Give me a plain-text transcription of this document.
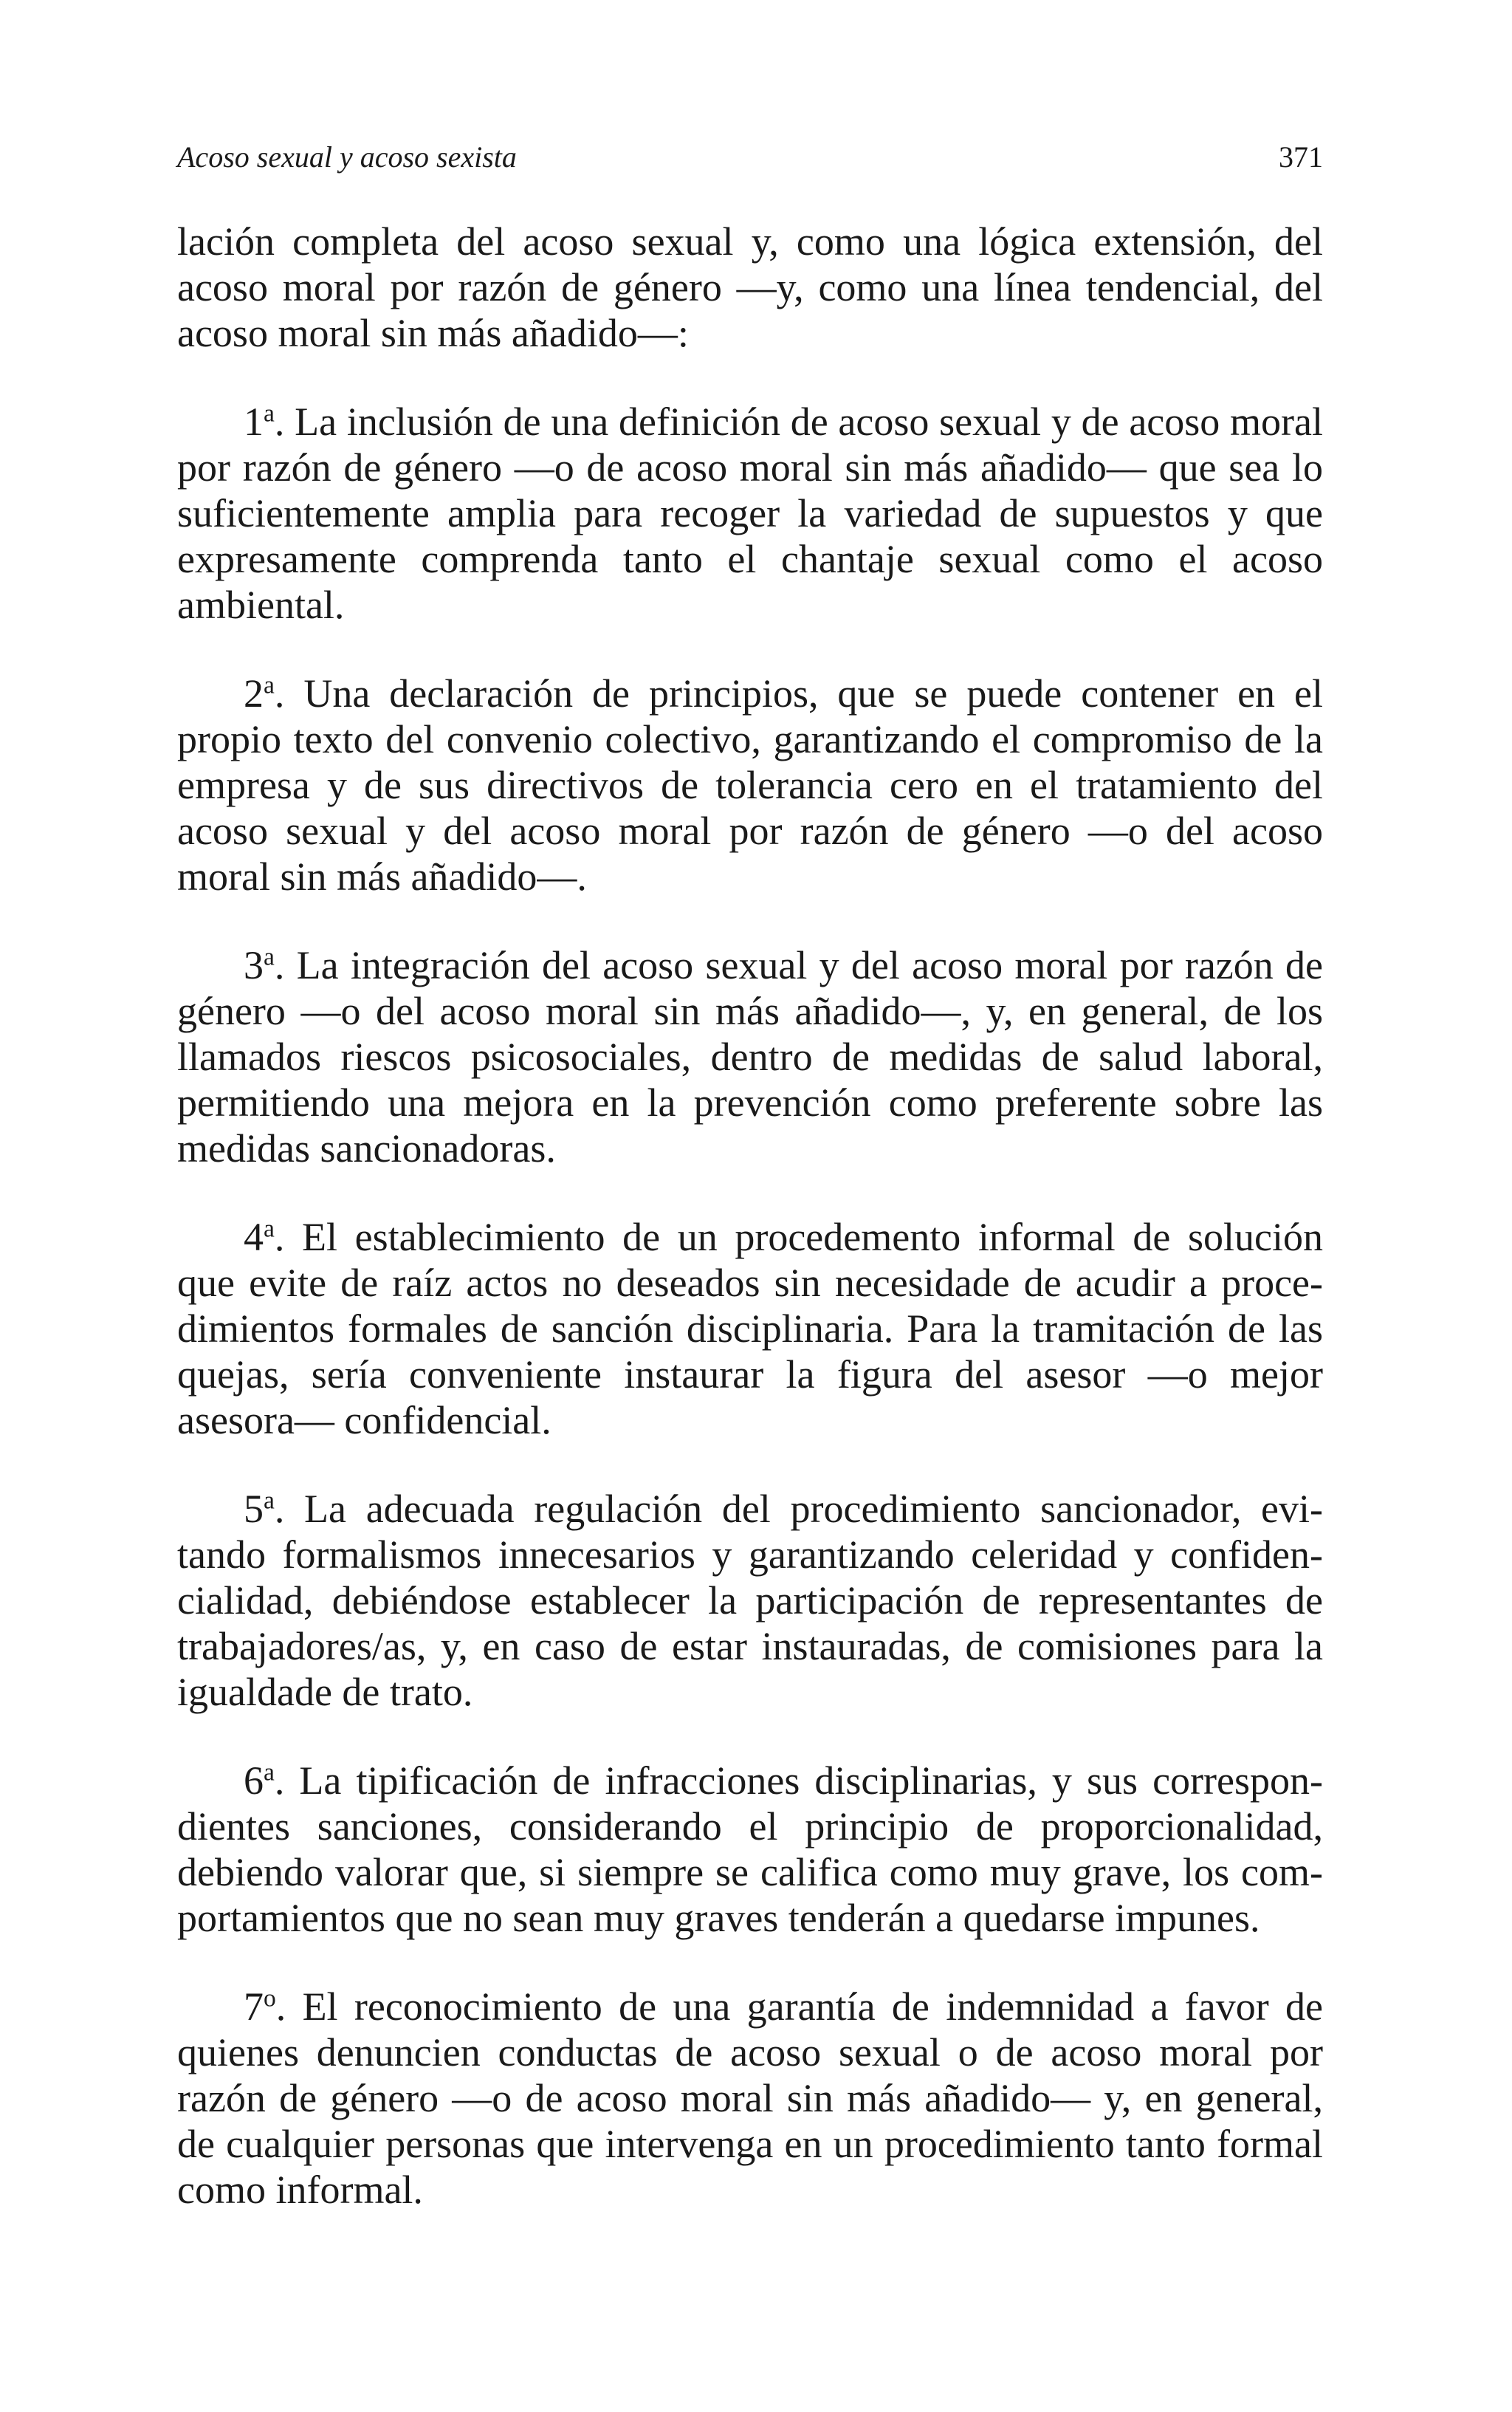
Acoso sexual y acoso sexista	371

lación completa del acoso sexual y, como una lógica extensión, del acoso moral por razón de género —y, como una línea tendencial, del acoso moral sin más añadido—:

1$^a$. La inclusión de una definición de acoso sexual y de acoso moral por razón de género —o de acoso moral sin más añadido— que sea lo suficientemente amplia para recoger la variedad de supuestos y que expresamente comprenda tanto el chantaje sexual como el acoso ambiental.

2$^a$. Una declaración de principios, que se puede contener en el propio texto del convenio colectivo, garantizando el compromiso de la empresa y de sus directivos de tolerancia cero en el tratamiento del acoso sexual y del acoso moral por razón de género —o del acoso moral sin más añadido—.

3$^a$. La integración del acoso sexual y del acoso moral por razón de género —o del acoso moral sin más añadido—, y, en general, de los llamados riescos psicosociales, dentro de medidas de salud laboral, permitiendo una mejora en la prevención como preferente sobre las medidas sancionadoras.

4$^a$. El establecimiento de un procedemento informal de solución que evite de raíz actos no deseados sin necesidade de acudir a procedimientos formales de sanción disciplinaria. Para la tramitación de las quejas, sería conveniente instaurar la figura del asesor —o mejor asesora— confidencial.

5$^a$. La adecuada regulación del procedimiento sancionador, evitando formalismos innecesarios y garantizando celeridad y confidencialidad, debiéndose establecer la participación de representantes de trabajadores/as, y, en caso de estar instauradas, de comisiones para la igualdade de trato.

6$^a$. La tipificación de infracciones disciplinarias, y sus correspondientes sanciones, considerando el principio de proporcionalidad, debiendo valorar que, si siempre se califica como muy grave, los comportamientos que no sean muy graves tenderán a quedarse impunes.

7$^o$. El reconocimiento de una garantía de indemnidad a favor de quienes denuncien conductas de acoso sexual o de acoso moral por razón de género —o de acoso moral sin más añadido— y, en general, de cualquier personas que intervenga en un procedimiento tanto formal como informal.
